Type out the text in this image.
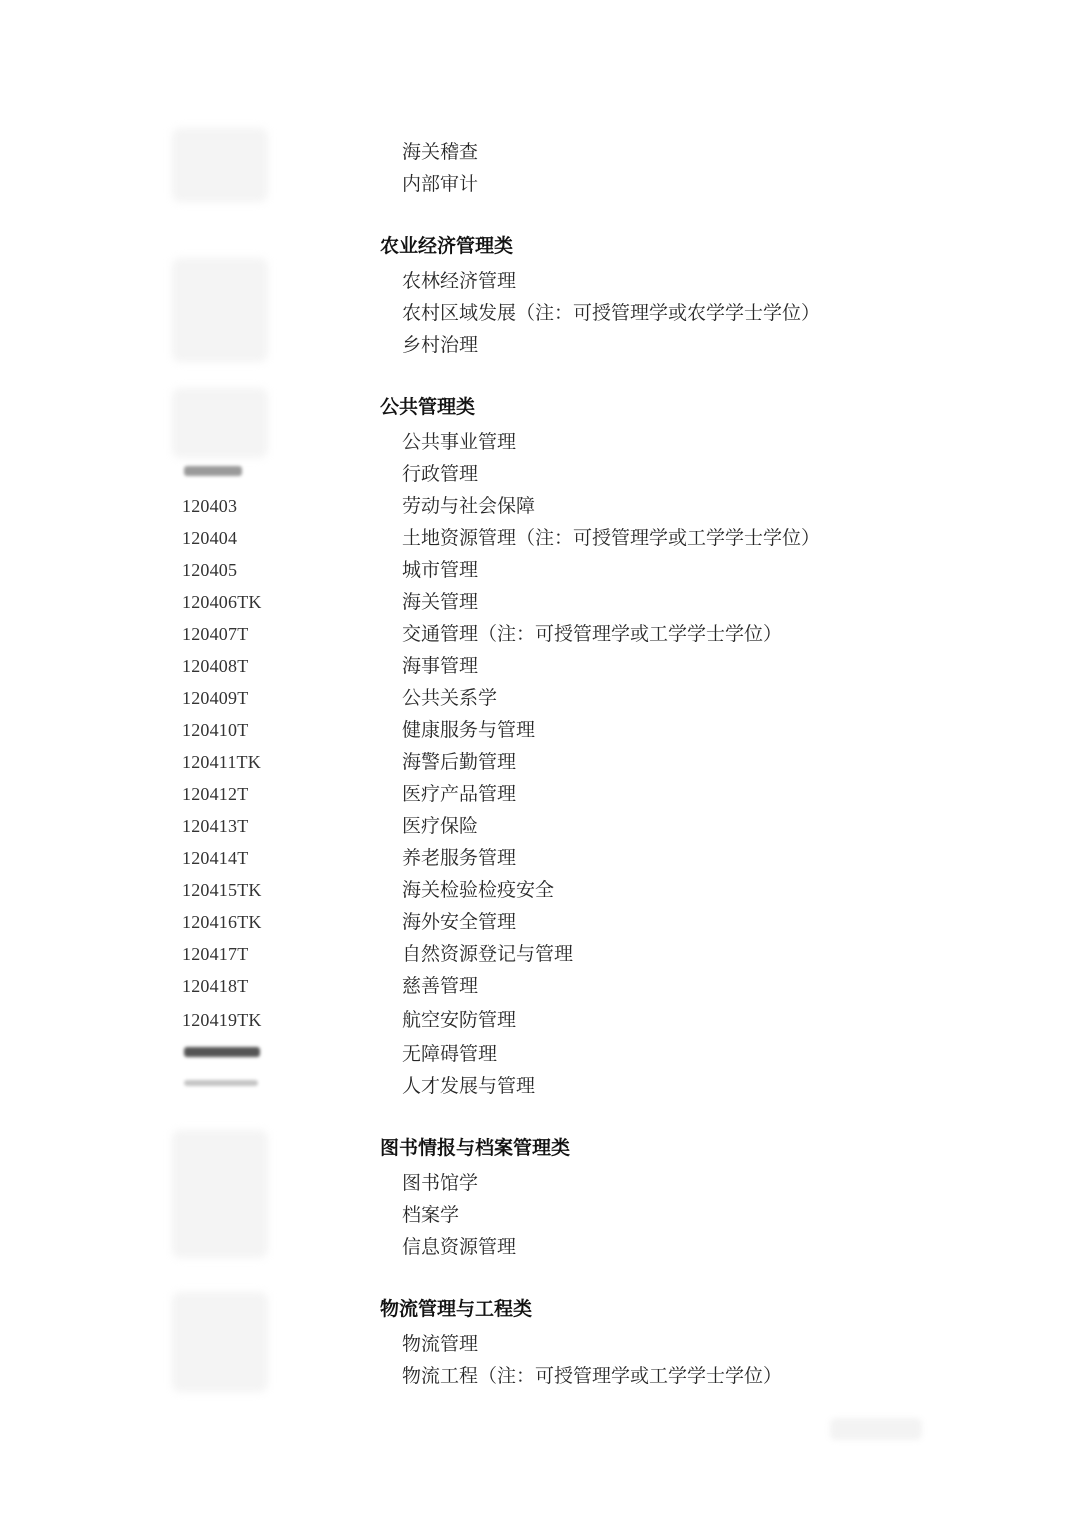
海关稽查
内部审计
农业经济管理类
农林经济管理
农村区域发展（注：可授管理学或农学学士学位）
乡村治理
公共管理类
公共事业管理
行政管理
120403	劳动与社会保障
120404	土地资源管理（注：可授管理学或工学学士学位）
120405	城市管理
120406TK	海关管理
120407T	交通管理（注：可授管理学或工学学士学位）
120408T	海事管理
120409T	公共关系学
120410T	健康服务与管理
120411TK	海警后勤管理
120412T	医疗产品管理
120413T	医疗保险
120414T	养老服务管理
120415TK	海关检验检疫安全
120416TK	海外安全管理
120417T	自然资源登记与管理
120418T	慈善管理
120419TK	航空安防管理
无障碍管理
人才发展与管理
图书情报与档案管理类
图书馆学
档案学
信息资源管理
物流管理与工程类
物流管理
物流工程（注：可授管理学或工学学士学位）
